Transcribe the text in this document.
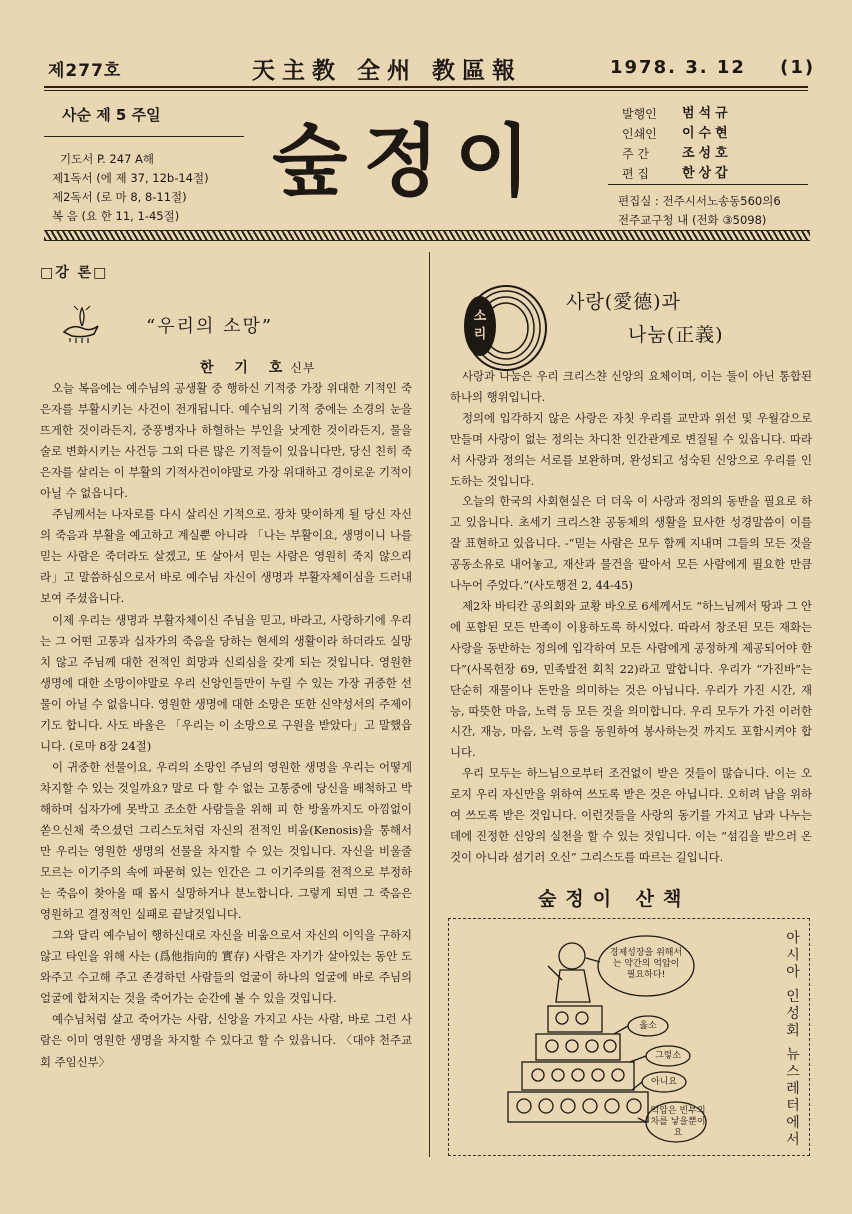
제277호	天主教 全州 教區報	1978. 3. 12 (1)
사순 제 5 주일
기도서 P. 247 A해
제1독서 (에 제 37, 12b-14절)
제2독서 (로 마 8, 8-11절)
복 음 (요 한 11, 1-45절)
숲정이
발행인	범석규
인쇄인	이수현
주 간	조성호
편 집	한상갑
편집실 : 전주시서노송동560의6
전주교구청 내 (전화 ③5098)
□강 론□
“우리의 소망”
한 기 호신부

오늘 복음에는 예수님의 공생활 중 행하신 기적중 가장 위대한 기적인 죽은자를 부활시키는 사건이 전개됩니다. 예수님의 기적 중에는 소경의 눈을 뜨게한 것이라든지, 중풍병자나 하혈하는 부인을 낫게한 것이라든지, 물을 술로 변화시키는 사건등 그외 다른 많은 기적들이 있읍니다만, 당신 친히 죽은자를 살리는 이 부활의 기적사건이야말로 가장 위대하고 경이로운 기적이 아닐 수 없읍니다.

주님께서는 나자로를 다시 살리신 기적으로. 장차 맞이하게 될 당신 자신의 죽음과 부활을 예고하고 계실뿐 아니라 「나는 부활이요, 생명이니 나를 믿는 사람은 죽더라도 살겠고, 또 살아서 믿는 사람은 영원히 죽지 않으리라」고 말씀하심으로서 바로 예수님 자신이 생명과 부활자체이심을 드러내 보여 주셨읍니다.

이제 우리는 생명과 부활자체이신 주님을 믿고, 바라고, 사랑하기에 우리는 그 어떤 고통과 십자가의 죽음을 당하는 현세의 생활이라 하더라도 실망치 않고 주님께 대한 전적인 희망과 신뢰심을 갖게 되는 것입니다. 영원한 생명에 대한 소망이야말로 우리 신앙인들만이 누릴 수 있는 가장 귀중한 선물이 아닐 수 없읍니다. 영원한 생명에 대한 소망은 또한 신약성서의 주제이기도 합니다. 사도 바울은 「우리는 이 소망으로 구원을 받았다」고 말했읍니다. (로마 8장 24절)

이 귀중한 선물이요, 우리의 소망인 주님의 영원한 생명을 우리는 어떻게 차지할 수 있는 것일까요? 말로 다 할 수 없는 고통중에 당신을 배척하고 박해하며 십자가에 못박고 조소한 사람들을 위해 피 한 방울까지도 아낌없이 쏟으신채 죽으셨던 그리스도처럼 자신의 전적인 비움(Kenosis)을 통해서만 우리는 영원한 생명의 선물을 차지할 수 있는 것입니다. 자신을 비울줄 모르는 이기주의 속에 파묻혀 있는 인간은 그 이기주의를 전적으로 부정하는 죽음이 찾아올 때 몹시 실망하거나 분노합니다. 그렇게 되면 그 죽음은 영원하고 결정적인 실패로 끝날것입니다.

그와 달리 예수님이 행하신대로 자신을 비움으로서 자신의 이익을 구하지 않고 타인을 위해 사는 (爲他指向的 實存) 사람은 자기가 살아있는 동안 도와주고 수고해 주고 존경하던 사람들의 얼굴이 하나의 얼굴에 바로 주님의 얼굴에 합쳐지는 것을 죽어가는 순간에 볼 수 있을 것입니다.

예수님처럼 살고 죽어가는 사람, 신앙을 가지고 사는 사람, 바로 그런 사람은 이미 영원한 생명을 차지할 수 있다고 할 수 있읍니다. 〈대야 천주교회 주임신부〉

소
리
사랑(愛德)과
나눔(正義)

사랑과 나눔은 우리 크리스챤 신앙의 요체이며, 이는 둘이 아닌 통합된 하나의 행위입니다.

정의에 입각하지 않은 사랑은 자칫 우리를 교만과 위선 및 우월감으로 만들며 사랑이 없는 정의는 차디찬 인간관계로 변질될 수 있읍니다. 따라서 사랑과 정의는 서로를 보완하며, 완성되고 성숙된 신앙으로 우리를 인도하는 것입니다.

오늘의 한국의 사회현실은 더 더욱 이 사랑과 정의의 동반을 필요로 하고 있읍니다. 초세기 크리스챤 공동체의 생활을 묘사한 성경말씀이 이를 잘 표현하고 있읍니다. -“믿는 사람은 모두 함께 지내며 그들의 모든 것을 공동소유로 내어놓고, 재산과 물건을 팔아서 모든 사람에게 필요한 만큼 나누어 주었다.”(사도행전 2, 44-45)

제2차 바티칸 공의회와 교황 바오로 6세께서도 “하느님께서 땅과 그 안에 포함된 모든 만족이 이용하도록 하시었다. 따라서 창조된 모든 재화는 사랑을 동반하는 정의에 입각하여 모든 사람에게 공정하게 제공되어야 한다”(사목헌장 69, 민족발전 회칙 22)라고 말합니다. 우리가 “가진바”는 단순히 재물이나 돈만을 의미하는 것은 아닙니다. 우리가 가진 시간, 재능, 따뜻한 마음, 노력 등 모든 것을 의미합니다. 우리 모두가 가진 이러한 시간, 재능, 마음, 노력 등을 동원하여 봉사하는것 까지도 포함시켜야 합니다.

우리 모두는 하느님으로부터 조건없이 받은 것들이 많습니다. 이는 오로지 우리 자신만을 위하여 쓰도록 받은 것은 아닙니다. 오히려 남을 위하여 쓰도록 받은 것입니다. 이런것들을 사랑의 동기를 가지고 남과 나누는데에 진정한 신앙의 실천을 할 수 있는 것입니다. 이는 “섬김을 받으러 온것이 아니라 섬기러 오신” 그리스도를 따르는 길입니다.

숲정이 산책
경제성장을 위해서는 약간의 억압이 필요하다!
옳소
그렇소
아니요
억압은 빈부의차를 낳을뿐이요	아시아 인성회 뉴스레터에서
